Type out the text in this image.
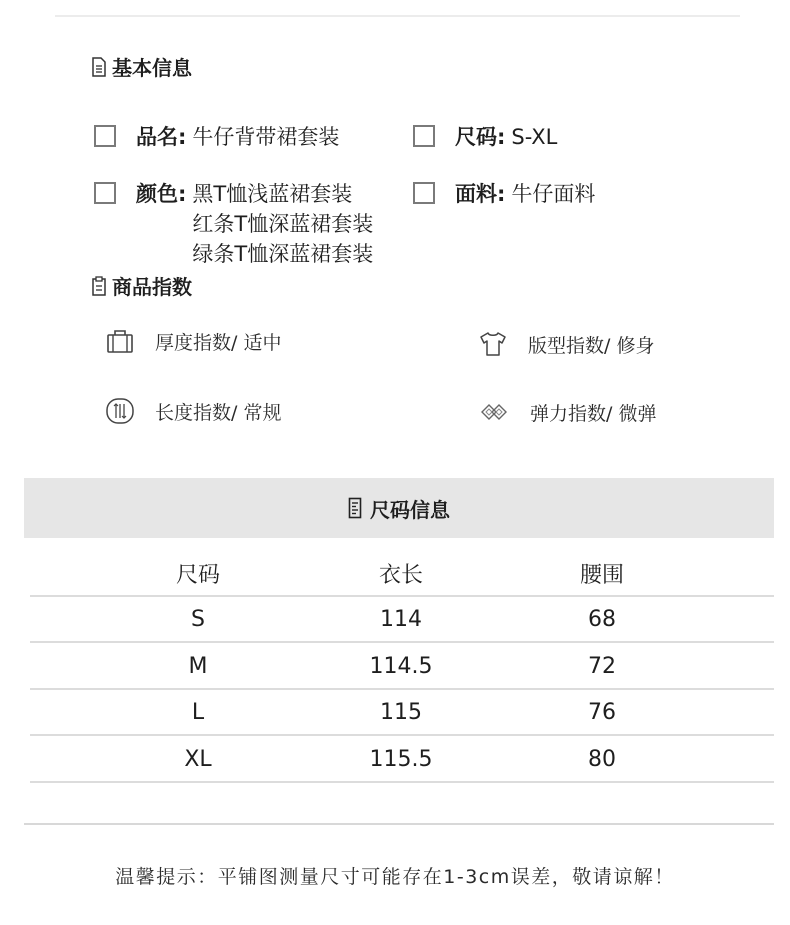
基本信息
品名: 牛仔背带裙套装	尺码: S-XL
颜色: 黑T恤浅蓝裙套装
红条T恤深蓝裙套装
绿条T恤深蓝裙套装
面料: 牛仔面料
商品指数
厚度指数/ 适中	版型指数/ 修身
长度指数/ 常规	弹力指数/ 微弹
尺码信息
尺码	衣长	腰围
S	114	68
M	114.5	72
L	115	76
XL	115.5	80
温馨提示：平铺图测量尺寸可能存在1-3cm误差，敬请谅解！
